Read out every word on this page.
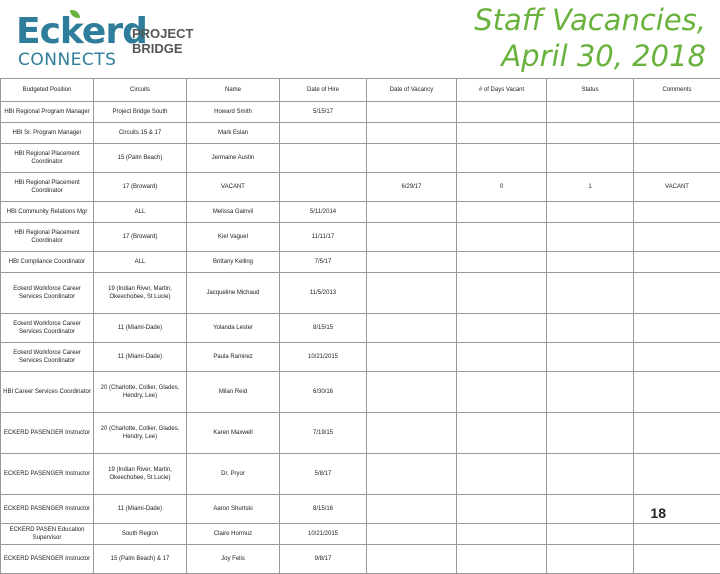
Eckerd
CONNECTS
PROJECT
BRIDGE
Staff Vacancies,
April 30, 2018
Budgeted Position	Circuits	Name	Date of Hire	Date of Vacancy	# of Days Vacant	Status	Comments
HBI Regional Program Manager	Project Bridge South	Howard Smith	5/15/17				
HBI Sr. Program Manager	Circuits 15 & 17	Mark Eslan					
HBI Regional Placement Coordinator	15 (Palm Beach)	Jermaine Austin					
HBI Regional Placement Coordinator	17 (Broward)	VACANT		6/29/17	0	1	VACANT
HBI Community Relations Mgr	ALL	Melissa Gainvil	5/11/2014				
HBI Regional Placement Coordinator	17 (Broward)	Kiel Vaguel	11/11/17				
HBI Compliance Coordinator	ALL	Brittany Kelling	7/5/17				
Eckerd Workforce Career Services Coordinator	19 (Indian River, Martin, Okeechobee, St Lucie)	Jacqueline Michaud	11/5/2013				
Eckerd Workforce Career Services Coordinator	11 (Miami-Dade)	Yolanda Lester	8/15/15				
Eckerd Workforce Career Services Coordinator	11 (Miami-Dade)	Paula Ramirez	10/21/2015				
HBI Career Services Coordinator	20 (Charlotte, Collier, Glades, Hendry, Lee)	Milan Reid	6/30/16				
ECKERD PASENGER Instructor	20 (Charlotte, Collier, Glades, Hendry, Lee)	Karen Maxwell	7/19/15				
ECKERD PASENGER Instructor	19 (Indian River, Martin, Okeechobee, St Lucie)	Dr. Pryor	5/8/17				
ECKERD PASENGER Instructor	11 (Miami-Dade)	Aaron Shurtski	8/15/16				
ECKERD PASEN Education Supervisor	South Region	Claire Hormuz	10/21/2015				
ECKERD PASENGER Instructor	15 (Palm Beach) & 17	Joy Felis	9/8/17				
18
